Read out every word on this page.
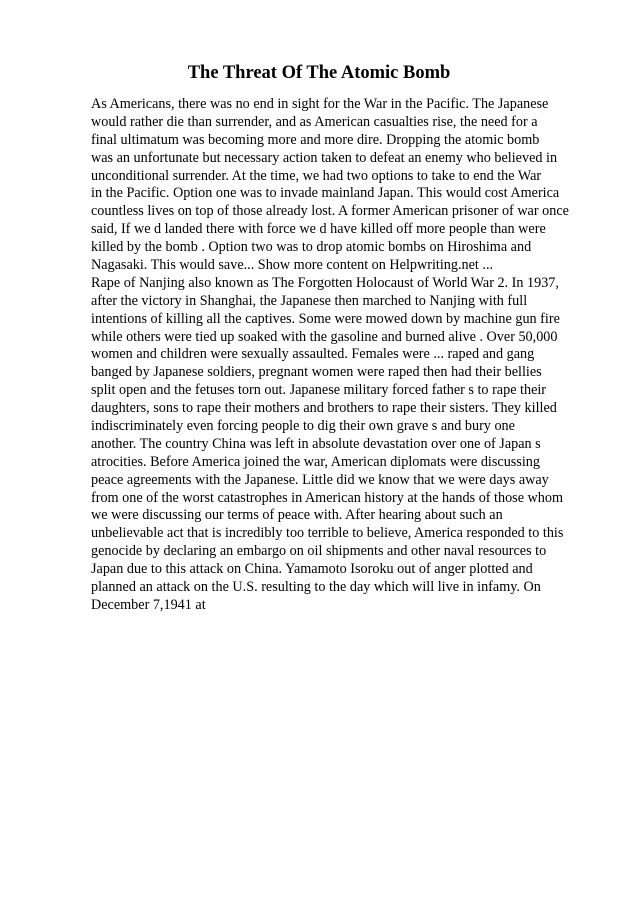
The Threat Of The Atomic Bomb
As Americans, there was no end in sight for the War in the Pacific. The Japanese
would rather die than surrender, and as American casualties rise, the need for a
final ultimatum was becoming more and more dire. Dropping the atomic bomb
was an unfortunate but necessary action taken to defeat an enemy who believed in
unconditional surrender. At the time, we had two options to take to end the War
in the Pacific. Option one was to invade mainland Japan. This would cost America
countless lives on top of those already lost. A former American prisoner of war once
said, If we d landed there with force we d have killed off more people than were
killed by the bomb . Option two was to drop atomic bombs on Hiroshima and
Nagasaki. This would save... Show more content on Helpwriting.net ...
Rape of Nanjing also known as The Forgotten Holocaust of World War 2. In 1937,
after the victory in Shanghai, the Japanese then marched to Nanjing with full
intentions of killing all the captives. Some were mowed down by machine gun fire
while others were tied up soaked with the gasoline and burned alive . Over 50,000
women and children were sexually assaulted. Females were ... raped and gang
banged by Japanese soldiers, pregnant women were raped then had their bellies
split open and the fetuses torn out. Japanese military forced father s to rape their
daughters, sons to rape their mothers and brothers to rape their sisters. They killed
indiscriminately even forcing people to dig their own grave s and bury one
another. The country China was left in absolute devastation over one of Japan s
atrocities. Before America joined the war, American diplomats were discussing
peace agreements with the Japanese. Little did we know that we were days away
from one of the worst catastrophes in American history at the hands of those whom
we were discussing our terms of peace with. After hearing about such an
unbelievable act that is incredibly too terrible to believe, America responded to this
genocide by declaring an embargo on oil shipments and other naval resources to
Japan due to this attack on China. Yamamoto Isoroku out of anger plotted and
planned an attack on the U.S. resulting to the day which will live in infamy. On
December 7,1941 at
